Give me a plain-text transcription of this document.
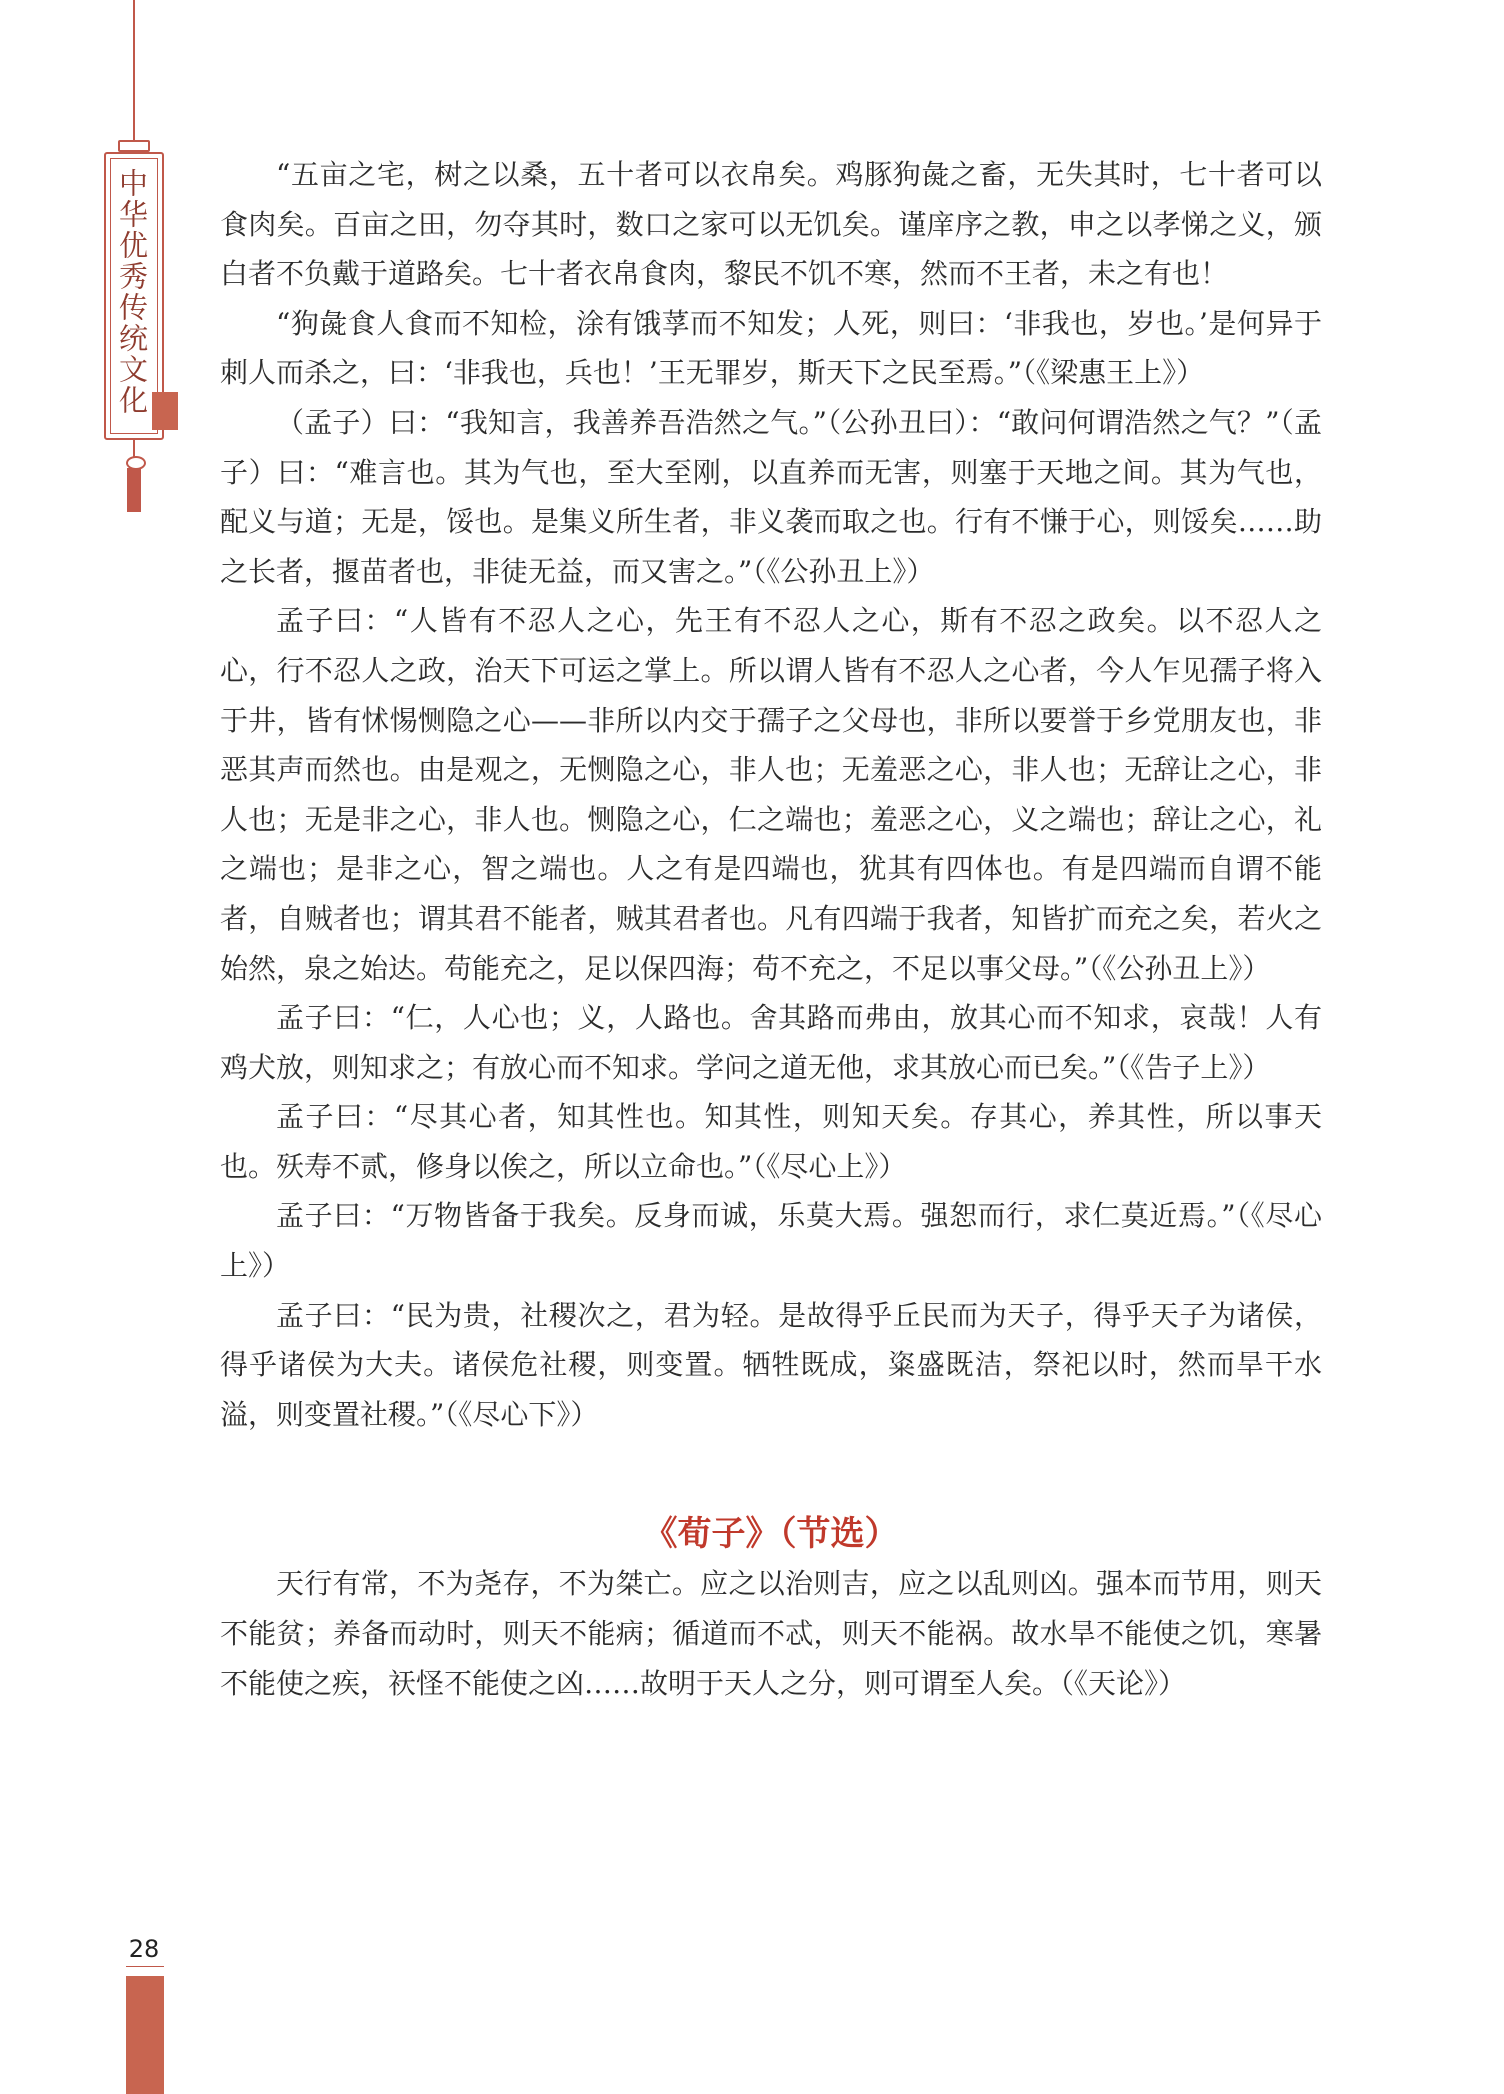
中华优秀传统文化	“五亩之宅，树之以桑，五十者可以衣帛矣。鸡豚狗彘之畜，无失其时，七十者可以食肉矣。百亩之田，勿夺其时，数口之家可以无饥矣。谨庠序之教，申之以孝悌之义，颁白者不负戴于道路矣。七十者衣帛食肉，黎民不饥不寒，然而不王者，未之有也！

“狗彘食人食而不知检，涂有饿莩而不知发；人死，则曰：‘非我也，岁也。’是何异于刺人而杀之，曰：‘非我也，兵也！’王无罪岁，斯天下之民至焉。”（《梁惠王上》）

（孟子）曰：“我知言，我善养吾浩然之气。”（公孙丑曰）：“敢问何谓浩然之气？”（孟子）曰：“难言也。其为气也，至大至刚，以直养而无害，则塞于天地之间。其为气也，配义与道；无是，馁也。是集义所生者，非义袭而取之也。行有不慊于心，则馁矣……助之长者，揠苗者也，非徒无益，而又害之。”（《公孙丑上》）

孟子曰：“人皆有不忍人之心，先王有不忍人之心，斯有不忍之政矣。以不忍人之心，行不忍人之政，治天下可运之掌上。所以谓人皆有不忍人之心者，今人乍见孺子将入于井，皆有怵惕恻隐之心——非所以内交于孺子之父母也，非所以要誉于乡党朋友也，非恶其声而然也。由是观之，无恻隐之心，非人也；无羞恶之心，非人也；无辞让之心，非人也；无是非之心，非人也。恻隐之心，仁之端也；羞恶之心，义之端也；辞让之心，礼之端也；是非之心，智之端也。人之有是四端也，犹其有四体也。有是四端而自谓不能者，自贼者也；谓其君不能者，贼其君者也。凡有四端于我者，知皆扩而充之矣，若火之始然，泉之始达。苟能充之，足以保四海；苟不充之，不足以事父母。”（《公孙丑上》）

孟子曰：“仁，人心也；义，人路也。舍其路而弗由，放其心而不知求，哀哉！人有鸡犬放，则知求之；有放心而不知求。学问之道无他，求其放心而已矣。”（《告子上》）

孟子曰：“尽其心者，知其性也。知其性，则知天矣。存其心，养其性，所以事天也。殀寿不贰，修身以俟之，所以立命也。”（《尽心上》）

孟子曰：“万物皆备于我矣。反身而诚，乐莫大焉。强恕而行，求仁莫近焉。”（《尽心上》）

孟子曰：“民为贵，社稷次之，君为轻。是故得乎丘民而为天子，得乎天子为诸侯，得乎诸侯为大夫。诸侯危社稷，则变置。牺牲既成，粢盛既洁，祭祀以时，然而旱干水溢，则变置社稷。”（《尽心下》）

《荀子》（节选）

天行有常，不为尧存，不为桀亡。应之以治则吉，应之以乱则凶。强本而节用，则天不能贫；养备而动时，则天不能病；循道而不忒，则天不能祸。故水旱不能使之饥，寒暑不能使之疾，祆怪不能使之凶……故明于天人之分，则可谓至人矣。（《天论》）

28
